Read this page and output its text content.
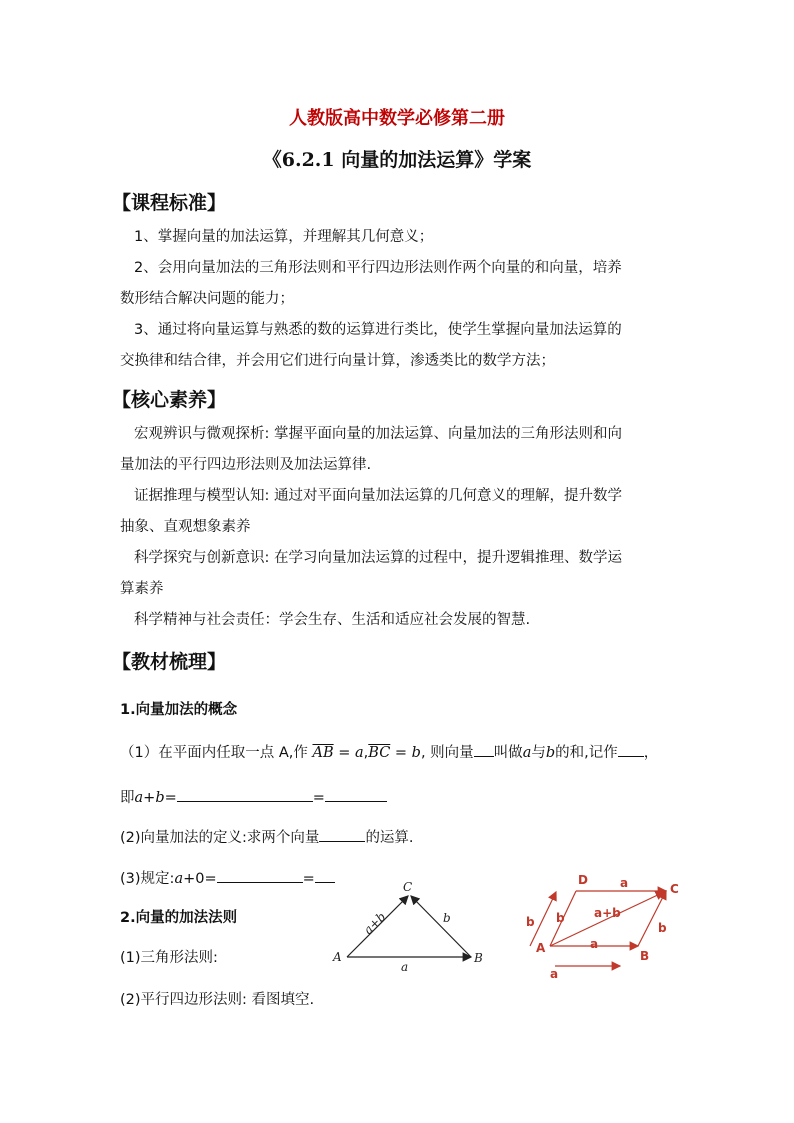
人教版高中数学必修第二册
《6.2.1 向量的加法运算》学案
【课程标准】
1、掌握向量的加法运算，并理解其几何意义；
2、会用向量加法的三角形法则和平行四边形法则作两个向量的和向量，培养
数形结合解决问题的能力；
3、通过将向量运算与熟悉的数的运算进行类比，使学生掌握向量加法运算的
交换律和结合律，并会用它们进行向量计算，渗透类比的数学方法；
【核心素养】
宏观辨识与微观探析: 掌握平面向量的加法运算、向量加法的三角形法则和向
量加法的平行四边形法则及加法运算律.
证据推理与模型认知: 通过对平面向量加法运算的几何意义的理解，提升数学
抽象、直观想象素养
科学探究与创新意识: 在学习向量加法运算的过程中，提升逻辑推理、数学运
算素养
科学精神与社会责任：学会生存、生活和适应社会发展的智慧.
【教材梳理】
1.向量加法的概念
（1）在平面内任取一点 A,作 $\overline{AB} = a,\overline{BC} = b$, 则向量 叫做a与b的和,记作 ，
即a+b=	=
(2)向量加法的定义:求两个向量	的运算.
(3)规定:a+0=	=
2.向量的加法法则
(1)三角形法则:
(2)平行四边形法则: 看图填空.
A	B
C
a
b
a+b
A
B
C
D	a
a
a
b b
b
a+b
